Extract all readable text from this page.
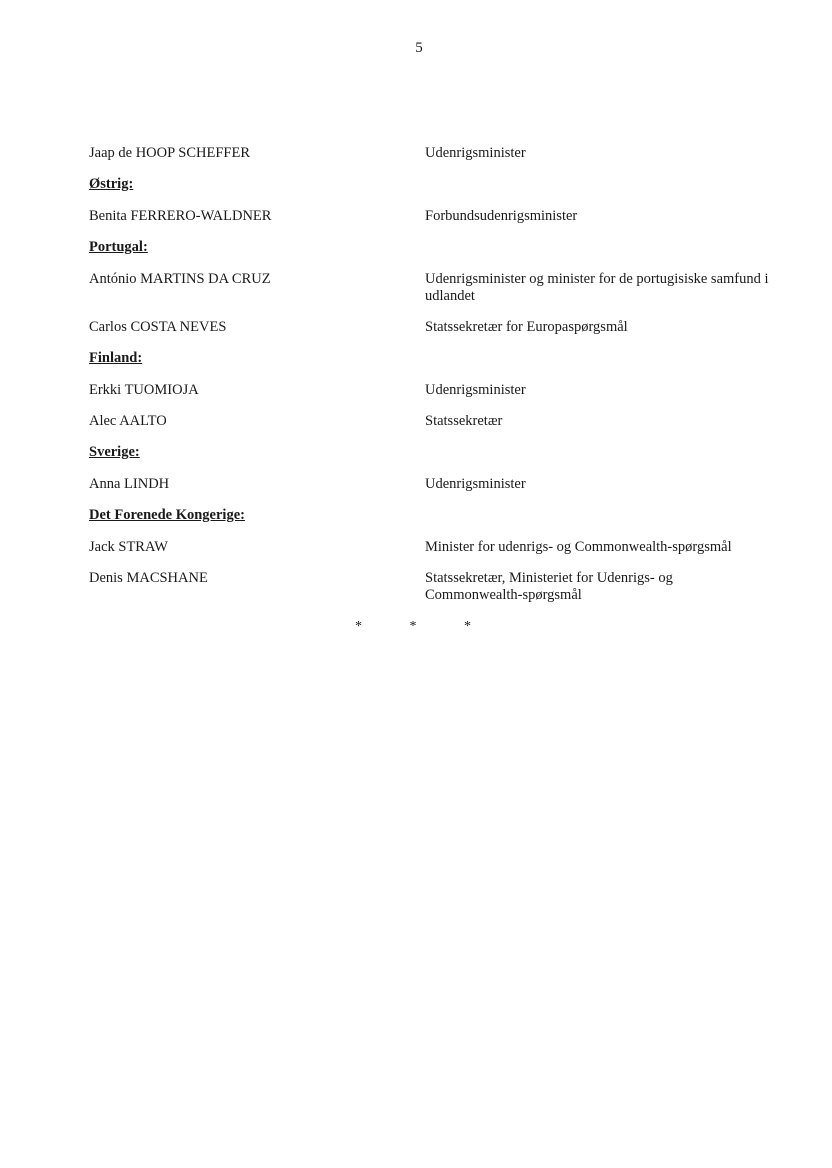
5
Jaap de HOOP SCHEFFER	Udenrigsminister
Østrig:
Benita FERRERO-WALDNER	Forbundsudenrigsminister
Portugal:
António MARTINS DA CRUZ	Udenrigsminister og minister for de portugisiske samfund i udlandet
Carlos COSTA NEVES	Statssekretær for Europaspørgsmål
Finland:
Erkki TUOMIOJA	Udenrigsminister
Alec AALTO	Statssekretær
Sverige:
Anna LINDH	Udenrigsminister
Det Forenede Kongerige:
Jack STRAW	Minister for udenrigs- og Commonwealth-spørgsmål
Denis MACSHANE	Statssekretær, Ministeriet for Udenrigs- og Commonwealth-spørgsmål
* * *
